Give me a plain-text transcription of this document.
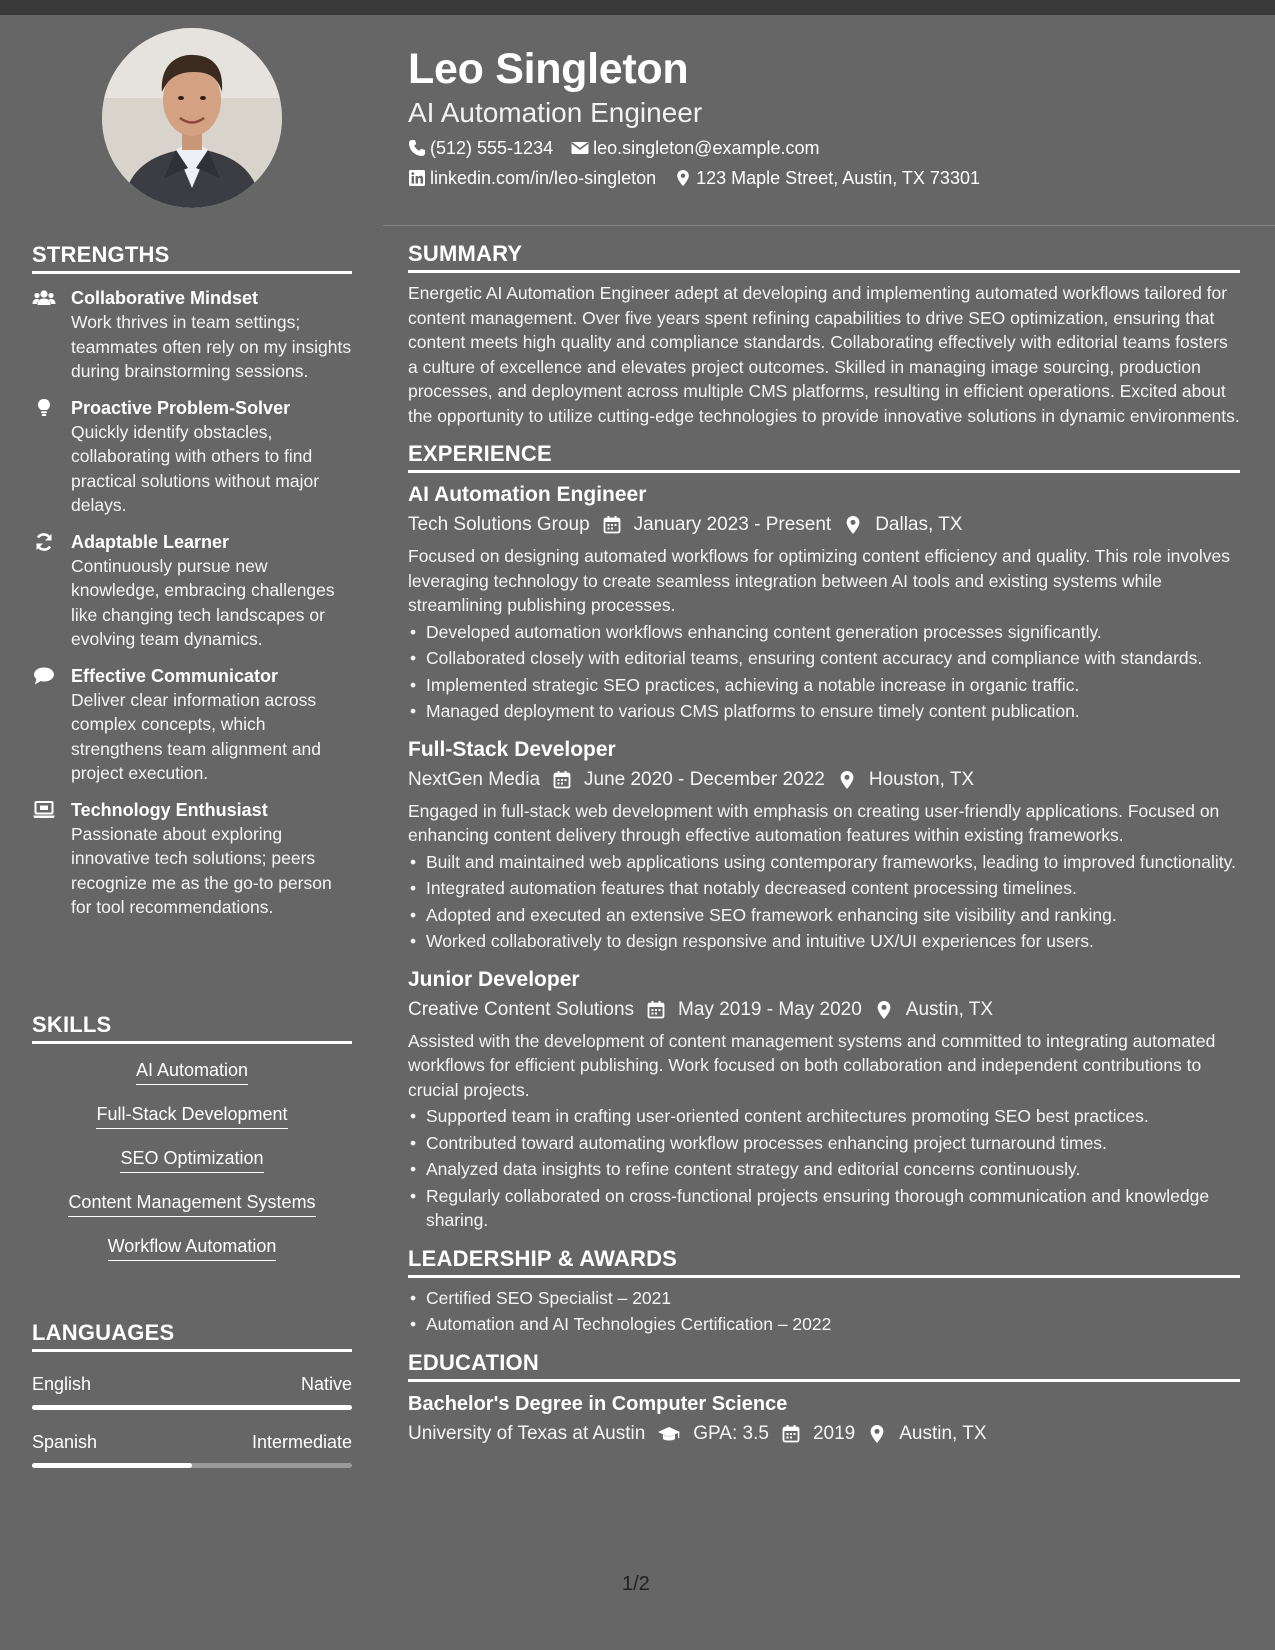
STRENGTHS
Collaborative Mindset
Work thrives in team settings; teammates often rely on my insights during brainstorming sessions.
Proactive Problem-Solver
Quickly identify obstacles, collaborating with others to find practical solutions without major delays.
Adaptable Learner
Continuously pursue new knowledge, embracing challenges like changing tech landscapes or evolving team dynamics.
Effective Communicator
Deliver clear information across complex concepts, which strengthens team alignment and project execution.
Technology Enthusiast
Passionate about exploring innovative tech solutions; peers recognize me as the go-to person for tool recommendations.
SKILLS
AI Automation
Full-Stack Development
SEO Optimization
Content Management Systems
Workflow Automation
LANGUAGES
English	Native
Spanish	Intermediate
Leo Singleton
AI Automation Engineer
(512) 555-1234 leo.singleton@example.com
linkedin.com/in/leo-singleton 123 Maple Street, Austin, TX 73301
SUMMARY
Energetic AI Automation Engineer adept at developing and implementing automated workflows tailored for content management. Over five years spent refining capabilities to drive SEO optimization, ensuring that content meets high quality and compliance standards. Collaborating effectively with editorial teams fosters a culture of excellence and elevates project outcomes. Skilled in managing image sourcing, production processes, and deployment across multiple CMS platforms, resulting in efficient operations. Excited about the opportunity to utilize cutting-edge technologies to provide innovative solutions in dynamic environments.
EXPERIENCE
AI Automation Engineer
Tech Solutions Group January 2023 - Present Dallas, TX
Focused on designing automated workflows for optimizing content efficiency and quality. This role involves leveraging technology to create seamless integration between AI tools and existing systems while streamlining publishing processes.
• Developed automation workflows enhancing content generation processes significantly.
• Collaborated closely with editorial teams, ensuring content accuracy and compliance with standards.
• Implemented strategic SEO practices, achieving a notable increase in organic traffic.
• Managed deployment to various CMS platforms to ensure timely content publication.
Full-Stack Developer
NextGen Media June 2020 - December 2022 Houston, TX
Engaged in full-stack web development with emphasis on creating user-friendly applications. Focused on enhancing content delivery through effective automation features within existing frameworks.
• Built and maintained web applications using contemporary frameworks, leading to improved functionality.
• Integrated automation features that notably decreased content processing timelines.
• Adopted and executed an extensive SEO framework enhancing site visibility and ranking.
• Worked collaboratively to design responsive and intuitive UX/UI experiences for users.
Junior Developer
Creative Content Solutions May 2019 - May 2020 Austin, TX
Assisted with the development of content management systems and committed to integrating automated workflows for efficient publishing. Work focused on both collaboration and independent contributions to crucial projects.
• Supported team in crafting user-oriented content architectures promoting SEO best practices.
• Contributed toward automating workflow processes enhancing project turnaround times.
• Analyzed data insights to refine content strategy and editorial concerns continuously.
• Regularly collaborated on cross-functional projects ensuring thorough communication and knowledge sharing.
LEADERSHIP & AWARDS
• Certified SEO Specialist – 2021
• Automation and AI Technologies Certification – 2022
EDUCATION
Bachelor's Degree in Computer Science
University of Texas at Austin	GPA: 3.5 2019 Austin, TX
1/2
